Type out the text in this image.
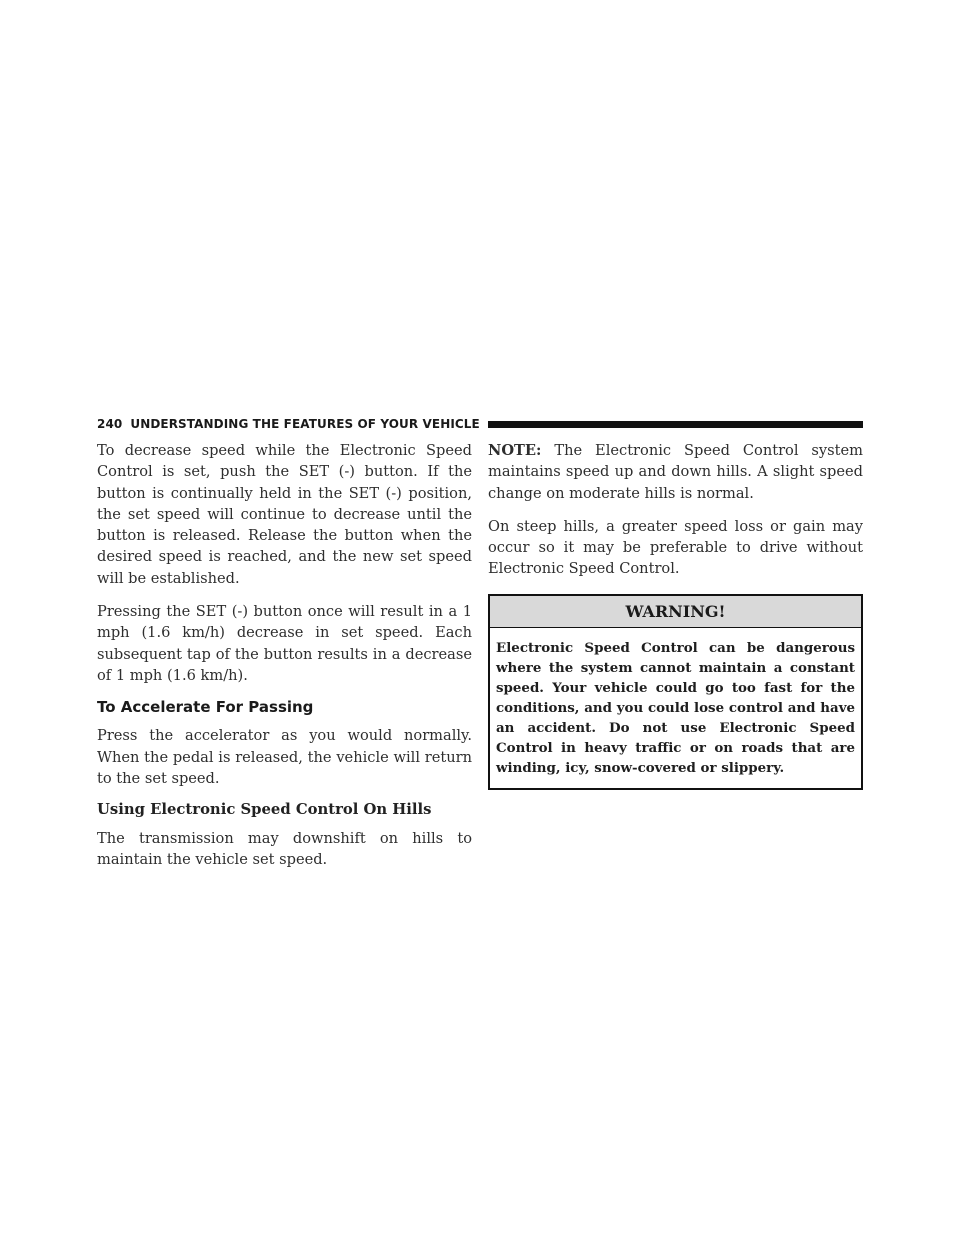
240 UNDERSTANDING THE FEATURES OF YOUR VEHICLE

To decrease speed while the Electronic Speed Control is set, push the SET (-) button. If the button is continually held in the SET (-) position, the set speed will continue to decrease until the button is released. Release the button when the desired speed is reached, and the new set speed will be established.

Pressing the SET (-) button once will result in a 1 mph (1.6 km/h) decrease in set speed. Each subsequent tap of the button results in a decrease of 1 mph (1.6 km/h).

To Accelerate For Passing

Press the accelerator as you would normally. When the pedal is released, the vehicle will return to the set speed.

Using Electronic Speed Control On Hills

The transmission may downshift on hills to maintain the vehicle set speed.

NOTE: The Electronic Speed Control system maintains speed up and down hills. A slight speed change on moderate hills is normal.

On steep hills, a greater speed loss or gain may occur so it may be preferable to drive without Electronic Speed Control.

WARNING!
Electronic Speed Control can be dangerous where the system cannot maintain a constant speed. Your vehicle could go too fast for the conditions, and you could lose control and have an accident. Do not use Electronic Speed Control in heavy traffic or on roads that are winding, icy, snow-covered or slippery.
